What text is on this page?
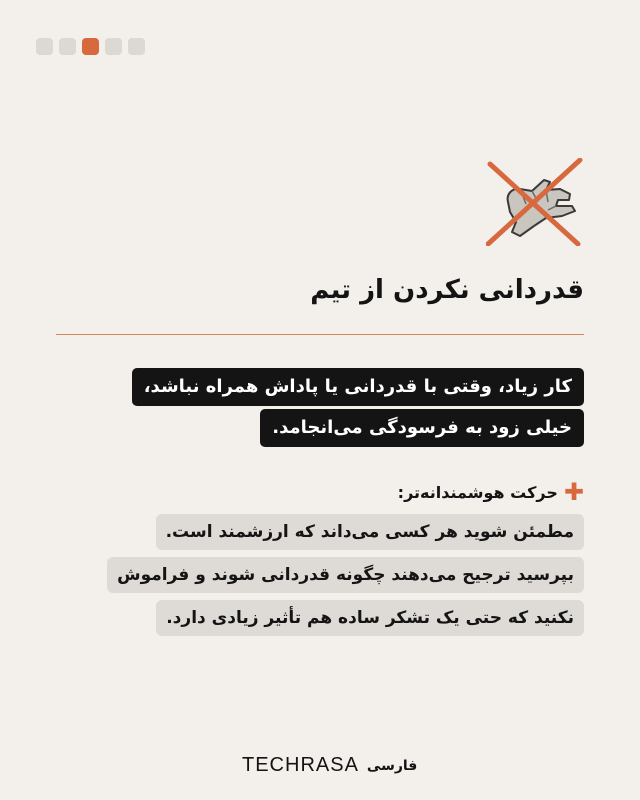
قدردانی نکردن از تیم
کار زیاد، وقتی با قدردانی یا پاداش همراه نباشد،
خیلی زود به فرسودگی می‌انجامد.
✚
حرکت هوشمندانه‌تر:
مطمئن شوید هر کسی می‌داند که ارزشمند است.
بپرسید ترجیح می‌دهند چگونه قدردانی شوند و فراموش
نکنید که حتی یک تشکر ساده هم تأثیر زیادی دارد.
TECHRASA فارسی
